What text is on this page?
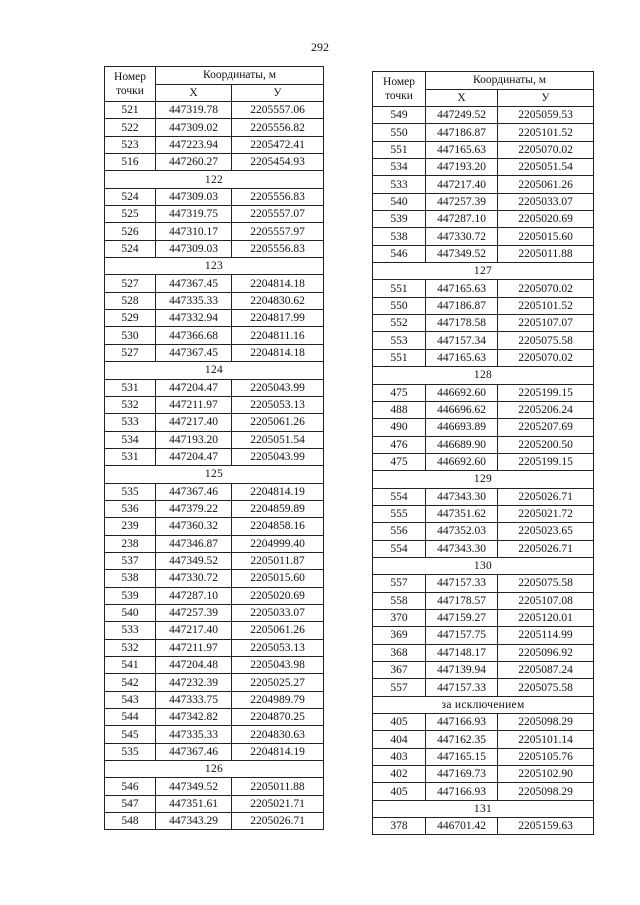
292
Номер
точки	Координаты, м	
	X	У
521	447319.78	2205557.06
522	447309.02	2205556.82
523	447223.94	2205472.41
516	447260.27	2205454.93
122		
524	447309.03	2205556.83
525	447319.75	2205557.07
526	447310.17	2205557.97
524	447309.03	2205556.83
123		
527	447367.45	2204814.18
528	447335.33	2204830.62
529	447332.94	2204817.99
530	447366.68	2204811.16
527	447367.45	2204814.18
124		
531	447204.47	2205043.99
532	447211.97	2205053.13
533	447217.40	2205061.26
534	447193.20	2205051.54
531	447204.47	2205043.99
125		
535	447367.46	2204814.19
536	447379.22	2204859.89
239	447360.32	2204858.16
238	447346.87	2204999.40
537	447349.52	2205011.87
538	447330.72	2205015.60
539	447287.10	2205020.69
540	447257.39	2205033.07
533	447217.40	2205061.26
532	447211.97	2205053.13
541	447204.48	2205043.98
542	447232.39	2205025.27
543	447333.75	2204989.79
544	447342.82	2204870.25
545	447335.33	2204830.63
535	447367.46	2204814.19
126		
546	447349.52	2205011.88
547	447351.61	2205021.71
548	447343.29	2205026.71
Номер
точки	Координаты, м	
	X	У
549	447249.52	2205059.53
550	447186.87	2205101.52
551	447165.63	2205070.02
534	447193.20	2205051.54
533	447217.40	2205061.26
540	447257.39	2205033.07
539	447287.10	2205020.69
538	447330.72	2205015.60
546	447349.52	2205011.88
127		
551	447165.63	2205070.02
550	447186.87	2205101.52
552	447178.58	2205107.07
553	447157.34	2205075.58
551	447165.63	2205070.02
128		
475	446692.60	2205199.15
488	446696.62	2205206.24
490	446693.89	2205207.69
476	446689.90	2205200.50
475	446692.60	2205199.15
129		
554	447343.30	2205026.71
555	447351.62	2205021.72
556	447352.03	2205023.65
554	447343.30	2205026.71
130		
557	447157.33	2205075.58
558	447178.57	2205107.08
370	447159.27	2205120.01
369	447157.75	2205114.99
368	447148.17	2205096.92
367	447139.94	2205087.24
557	447157.33	2205075.58
за исключением		
405	447166.93	2205098.29
404	447162.35	2205101.14
403	447165.15	2205105.76
402	447169.73	2205102.90
405	447166.93	2205098.29
131		
378	446701.42	2205159.63
